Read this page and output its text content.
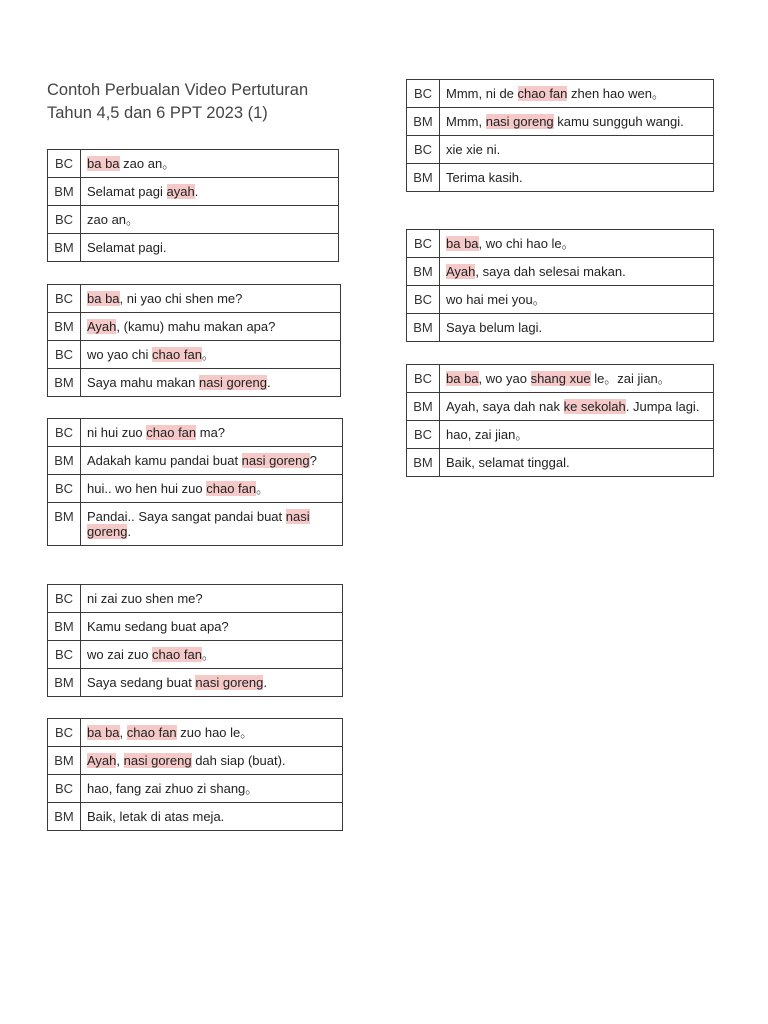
Contoh Perbualan Video Pertuturan
Tahun 4,5 dan 6 PPT 2023 (1)
BC	ba ba zao an。
BM	Selamat pagi ayah.
BC	zao an。
BM	Selamat pagi.
BC	ba ba, ni yao chi shen me?
BM	Ayah, (kamu) mahu makan apa?
BC	wo yao chi chao fan。
BM	Saya mahu makan nasi goreng.
BC	ni hui zuo chao fan ma?
BM	Adakah kamu pandai buat nasi goreng?
BC	hui.. wo hen hui zuo chao fan。
BM	Pandai.. Saya sangat pandai buat nasi goreng.
BC	ni zai zuo shen me?
BM	Kamu sedang buat apa?
BC	wo zai zuo chao fan。
BM	Saya sedang buat nasi goreng.
BC	ba ba, chao fan zuo hao le。
BM	Ayah, nasi goreng dah siap (buat).
BC	hao, fang zai zhuo zi shang。
BM	Baik, letak di atas meja.
BC	Mmm, ni de chao fan zhen hao wen。
BM	Mmm, nasi goreng kamu sungguh wangi.
BC	xie xie ni.
BM	Terima kasih.
BC	ba ba, wo chi hao le。
BM	Ayah, saya dah selesai makan.
BC	wo hai mei you。
BM	Saya belum lagi.
BC	ba ba, wo yao shang xue le。zai jian。
BM	Ayah, saya dah nak ke sekolah. Jumpa lagi.
BC	hao, zai jian。
BM	Baik, selamat tinggal.
